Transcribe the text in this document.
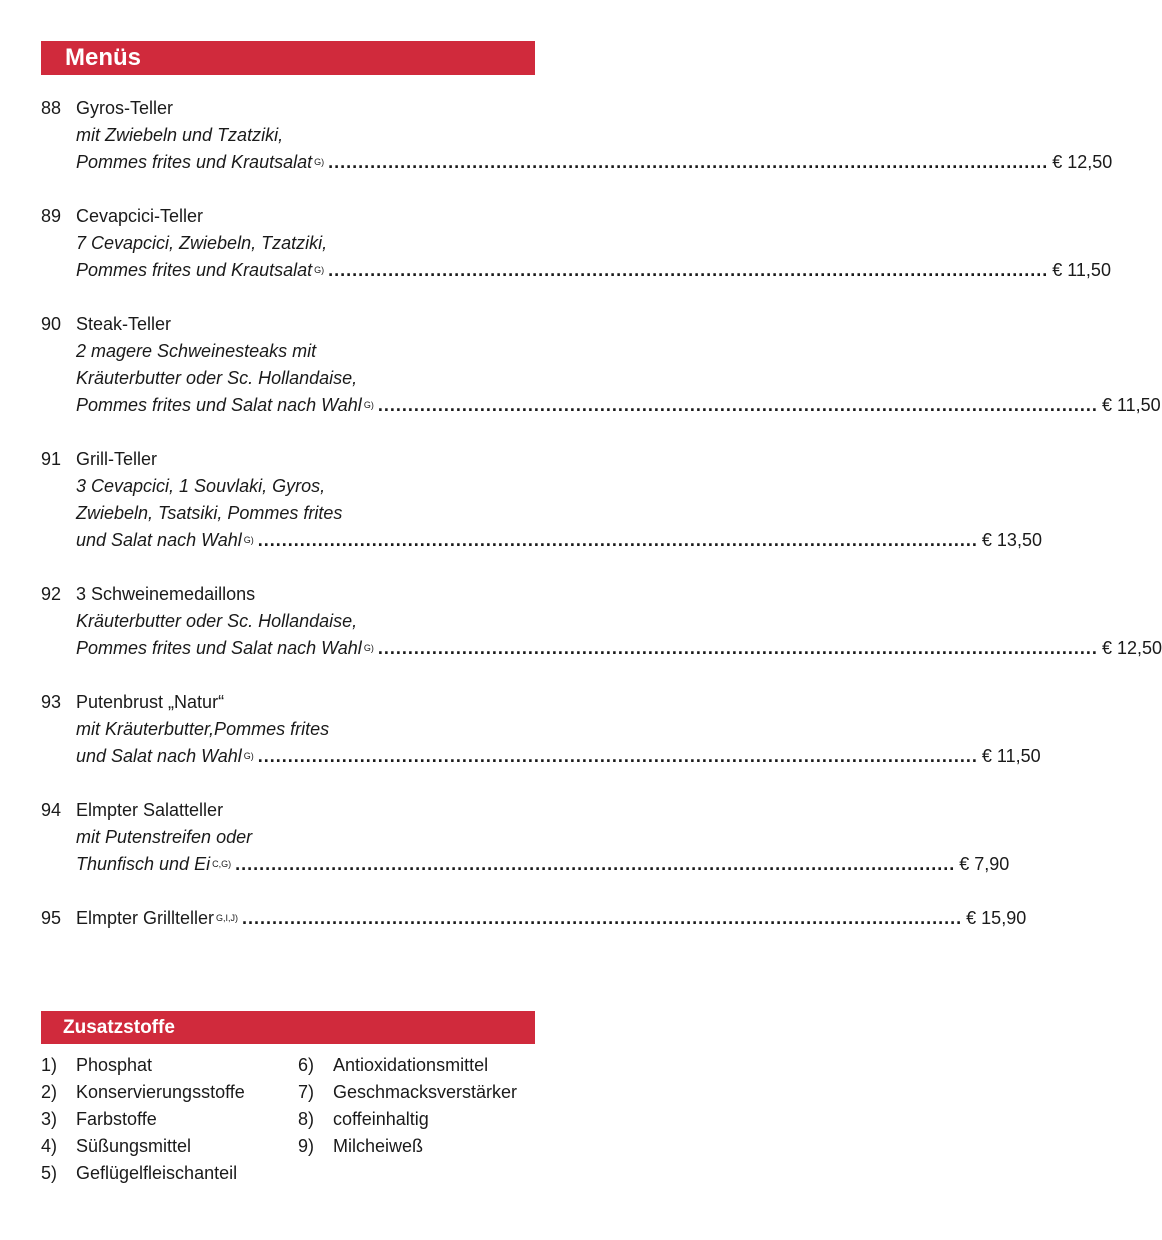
Menüs
88 Gyros-Teller
mit Zwiebeln und Tzatziki,
Pommes frites und Krautsalat G) ........................................................................................................................ € 12,50
89 Cevapcici-Teller
7 Cevapcici, Zwiebeln, Tzatziki,
Pommes frites und Krautsalat G) ........................................................................................................................ € 11,50
90 Steak-Teller
2 magere Schweinesteaks mit
Kräuterbutter oder Sc. Hollandaise,
Pommes frites und Salat nach Wahl G) ........................................................................................................................ € 11,50
91 Grill-Teller
3 Cevapcici, 1 Souvlaki, Gyros,
Zwiebeln, Tsatsiki, Pommes frites
und Salat nach Wahl G) ........................................................................................................................ € 13,50
92 3 Schweinemedaillons
Kräuterbutter oder Sc. Hollandaise,
Pommes frites und Salat nach Wahl G) ........................................................................................................................ € 12,50
93 Putenbrust „Natur“
mit Kräuterbutter,Pommes frites
und Salat nach Wahl G) ........................................................................................................................ € 11,50
94 Elmpter Salatteller
mit Putenstreifen oder
Thunfisch und Ei C,G) ........................................................................................................................ € 7,90
95 Elmpter Grillteller G,I,J) ........................................................................................................................ € 15,90
Zusatzstoffe
1) Phosphat
2) Konservierungsstoffe
3) Farbstoffe
4) Süßungsmittel
5) Geflügelfleischanteil
6) Antioxidationsmittel
7) Geschmacksverstärker
8) coffeinhaltig
9) Milcheiweß
